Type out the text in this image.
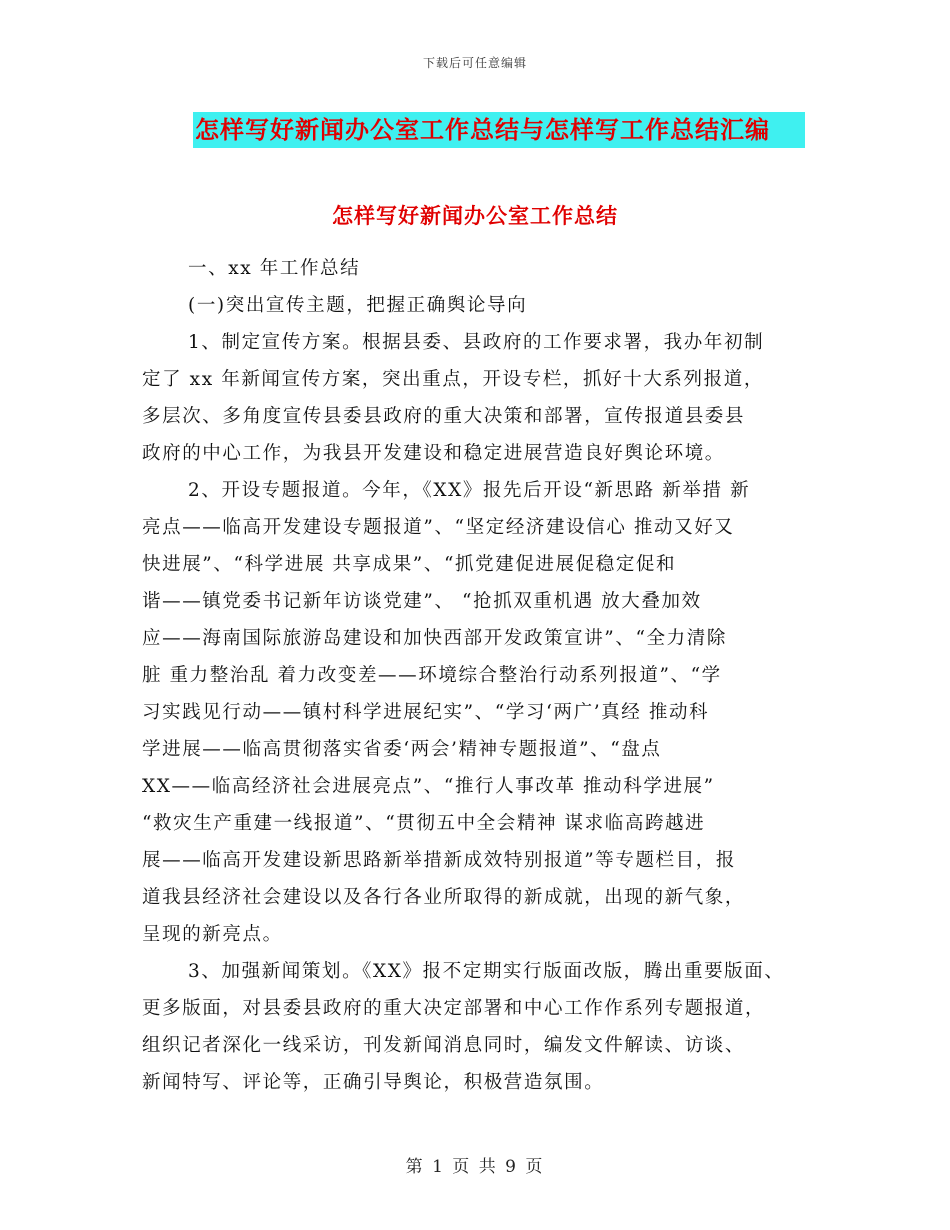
下载后可任意编辑
怎样写好新闻办公室工作总结与怎样写工作总结汇编
怎样写好新闻办公室工作总结
一、xx 年工作总结
(一)突出宣传主题，把握正确舆论导向
1、制定宣传方案。根据县委、县政府的工作要求署，我办年初制
定了 xx 年新闻宣传方案，突出重点，开设专栏，抓好十大系列报道，
多层次、多角度宣传县委县政府的重大决策和部署，宣传报道县委县
政府的中心工作，为我县开发建设和稳定进展营造良好舆论环境。
2、开设专题报道。今年，《XX》报先后开设“新思路 新举措 新
亮点——临高开发建设专题报道”、“坚定经济建设信心 推动又好又
快进展”、“科学进展 共享成果”、“抓党建促进展促稳定促和
谐——镇党委书记新年访谈党建”、 “抢抓双重机遇 放大叠加效
应——海南国际旅游岛建设和加快西部开发政策宣讲”、“全力清除
脏 重力整治乱 着力改变差——环境综合整治行动系列报道”、“学
习实践见行动——镇村科学进展纪实”、“学习‘两广’真经 推动科
学进展——临高贯彻落实省委‘两会’精神专题报道”、“盘点
XX——临高经济社会进展亮点”、“推行人事改革 推动科学进展”
“救灾生产重建一线报道”、“贯彻五中全会精神 谋求临高跨越进
展——临高开发建设新思路新举措新成效特别报道”等专题栏目，报
道我县经济社会建设以及各行各业所取得的新成就，出现的新气象，
呈现的新亮点。
3、加强新闻策划。《XX》报不定期实行版面改版，腾出重要版面、
更多版面，对县委县政府的重大决定部署和中心工作作系列专题报道，
组织记者深化一线采访，刊发新闻消息同时，编发文件解读、访谈、
新闻特写、评论等，正确引导舆论，积极营造氛围。
第 1 页 共 9 页
